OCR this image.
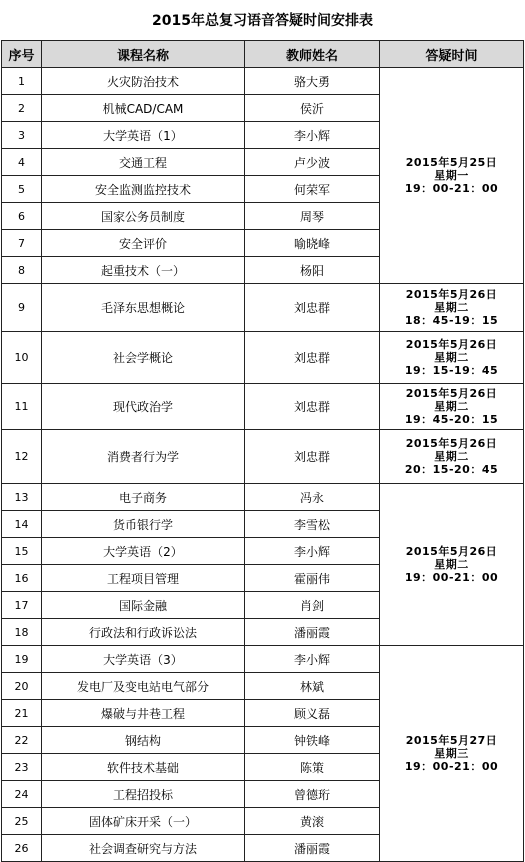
2015年总复习语音答疑时间安排表
序号	课程名称	教师姓名	答疑时间
1	火灾防治技术	骆大勇	2015年5月25日
星期一
19：00-21：00

2	机械CAD/CAM	侯沂	
3	大学英语（1）	李小辉	
4	交通工程	卢少波	
5	安全监测监控技术	何荣军	
6	国家公务员制度	周琴	
7	安全评价	喻晓峰	
8	起重技术（一）	杨阳	
9	毛泽东思想概论	刘忠群	2015年5月26日
星期二
18：45-19：15

10	社会学概论	刘忠群	2015年5月26日
星期二
19：15-19：45

11	现代政治学	刘忠群	2015年5月26日
星期二
19：45-20：15

12	消费者行为学	刘忠群	2015年5月26日
星期二
20：15-20：45

13	电子商务	冯永	2015年5月26日
星期二
19：00-21：00

14	货币银行学	李雪松	
15	大学英语（2）	李小辉	
16	工程项目管理	霍丽伟	
17	国际金融	肖剑	
18	行政法和行政诉讼法	潘丽霞	
19	大学英语（3）	李小辉	2015年5月27日
星期三
19：00-21：00

20	发电厂及变电站电气部分	林斌	
21	爆破与井巷工程	顾义磊	
22	钢结构	钟铁峰	
23	软件技术基础	陈策	
24	工程招投标	曾德珩	
25	固体矿床开采（一）	黄滚	
26	社会调查研究与方法	潘丽霞	
